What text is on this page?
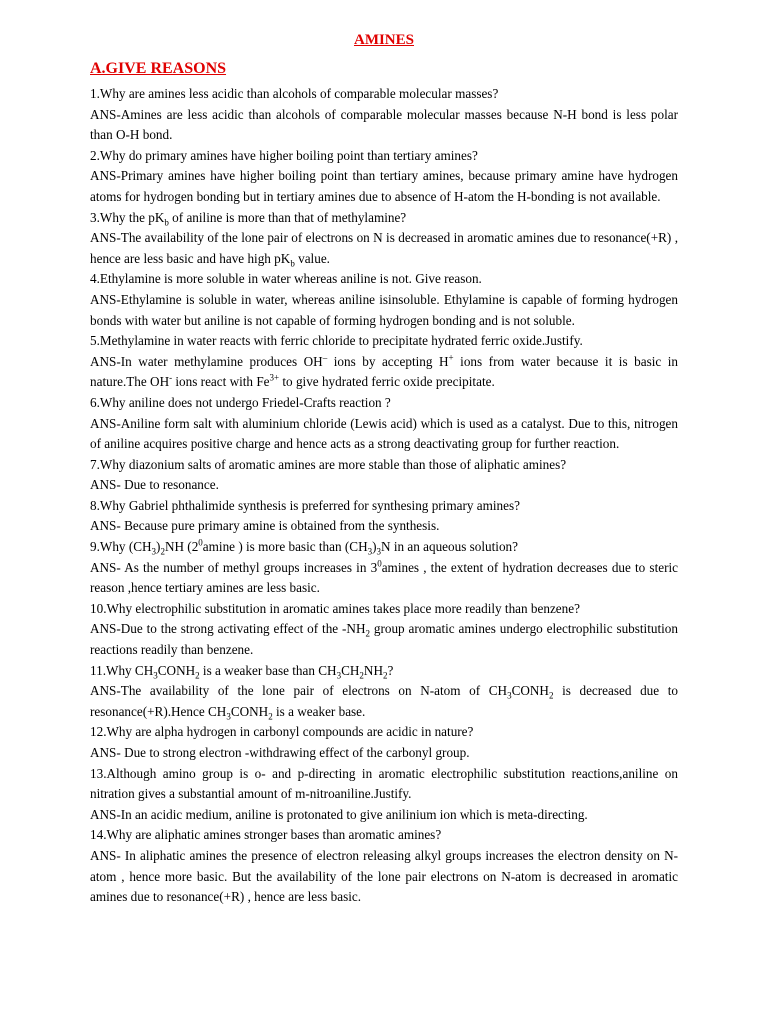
AMINES
A.GIVE REASONS
1.Why are amines less acidic than alcohols of comparable molecular masses?
ANS-Amines are less acidic than alcohols of comparable molecular masses because N-H bond is less polar than O-H bond.
2.Why do primary amines have higher boiling point than tertiary amines?
ANS-Primary amines have higher boiling point than tertiary amines, because primary amine have hydrogen atoms for hydrogen bonding but in tertiary amines due to absence of H-atom the H-bonding is not available.
3.Why the $pK_b$ of aniline is more than that of methylamine?
ANS-The availability of the lone pair of electrons on N is decreased in aromatic amines due to resonance(+R) , hence are less basic and have high $pK_b$ value.
4.Ethylamine is more soluble in water whereas aniline is not. Give reason.
ANS-Ethylamine is soluble in water, whereas aniline isinsoluble. Ethylamine is capable of forming hydrogen bonds with water but aniline is not capable of forming hydrogen bonding and is not soluble.
5.Methylamine in water reacts with ferric chloride to precipitate hydrated ferric oxide.Justify.
ANS-In water methylamine produces OH– ions by accepting H+ ions from water because it is basic in nature.The OH- ions react with $Fe^{3+}$ to give hydrated ferric oxide precipitate.
6.Why aniline does not undergo Friedel-Crafts reaction ?
ANS-Aniline form salt with aluminium chloride (Lewis acid) which is used as a catalyst. Due to this, nitrogen of aniline acquires positive charge and hence acts as a strong deactivating group for further reaction.
7.Why diazonium salts of aromatic amines are more stable than those of aliphatic amines?
ANS- Due to resonance.
8.Why Gabriel phthalimide synthesis is preferred for synthesing primary amines?
ANS- Because pure primary amine is obtained from the synthesis.
9.Why $(CH_3)_2NH$ ($2^0amine$ ) is more basic than $(CH_3)_3N$ in an aqueous solution?
ANS- As the number of methyl groups increases in $3^0amines$ , the extent of hydration decreases due to steric reason ,hence tertiary amines are less basic.
10.Why electrophilic substitution in aromatic amines takes place more readily than benzene?
ANS-Due to the strong activating effect of the $-NH_2$ group aromatic amines undergo electrophilic substitution reactions readily than benzene.
11.Why $CH_3CONH_2$ is a weaker base than $CH_3CH_2NH_2$?
ANS-The availability of the lone pair of electrons on N-atom of $CH_3CONH_2$ is decreased due to resonance(+R).Hence $CH_3CONH_2$ is a weaker base.
12.Why are alpha hydrogen in carbonyl compounds are acidic in nature?
ANS- Due to strong electron -withdrawing effect of the carbonyl group.
13.Although amino group is o- and p-directing in aromatic electrophilic substitution reactions,aniline on nitration gives a substantial amount of m-nitroaniline.Justify.
ANS-In an acidic medium, aniline is protonated to give anilinium ion which is meta-directing.
14.Why are aliphatic amines stronger bases than aromatic amines?
ANS- In aliphatic amines the presence of electron releasing alkyl groups increases the electron density on N-atom , hence more basic. But the availability of the lone pair electrons on N-atom is decreased in aromatic amines due to resonance(+R) , hence are less basic.
